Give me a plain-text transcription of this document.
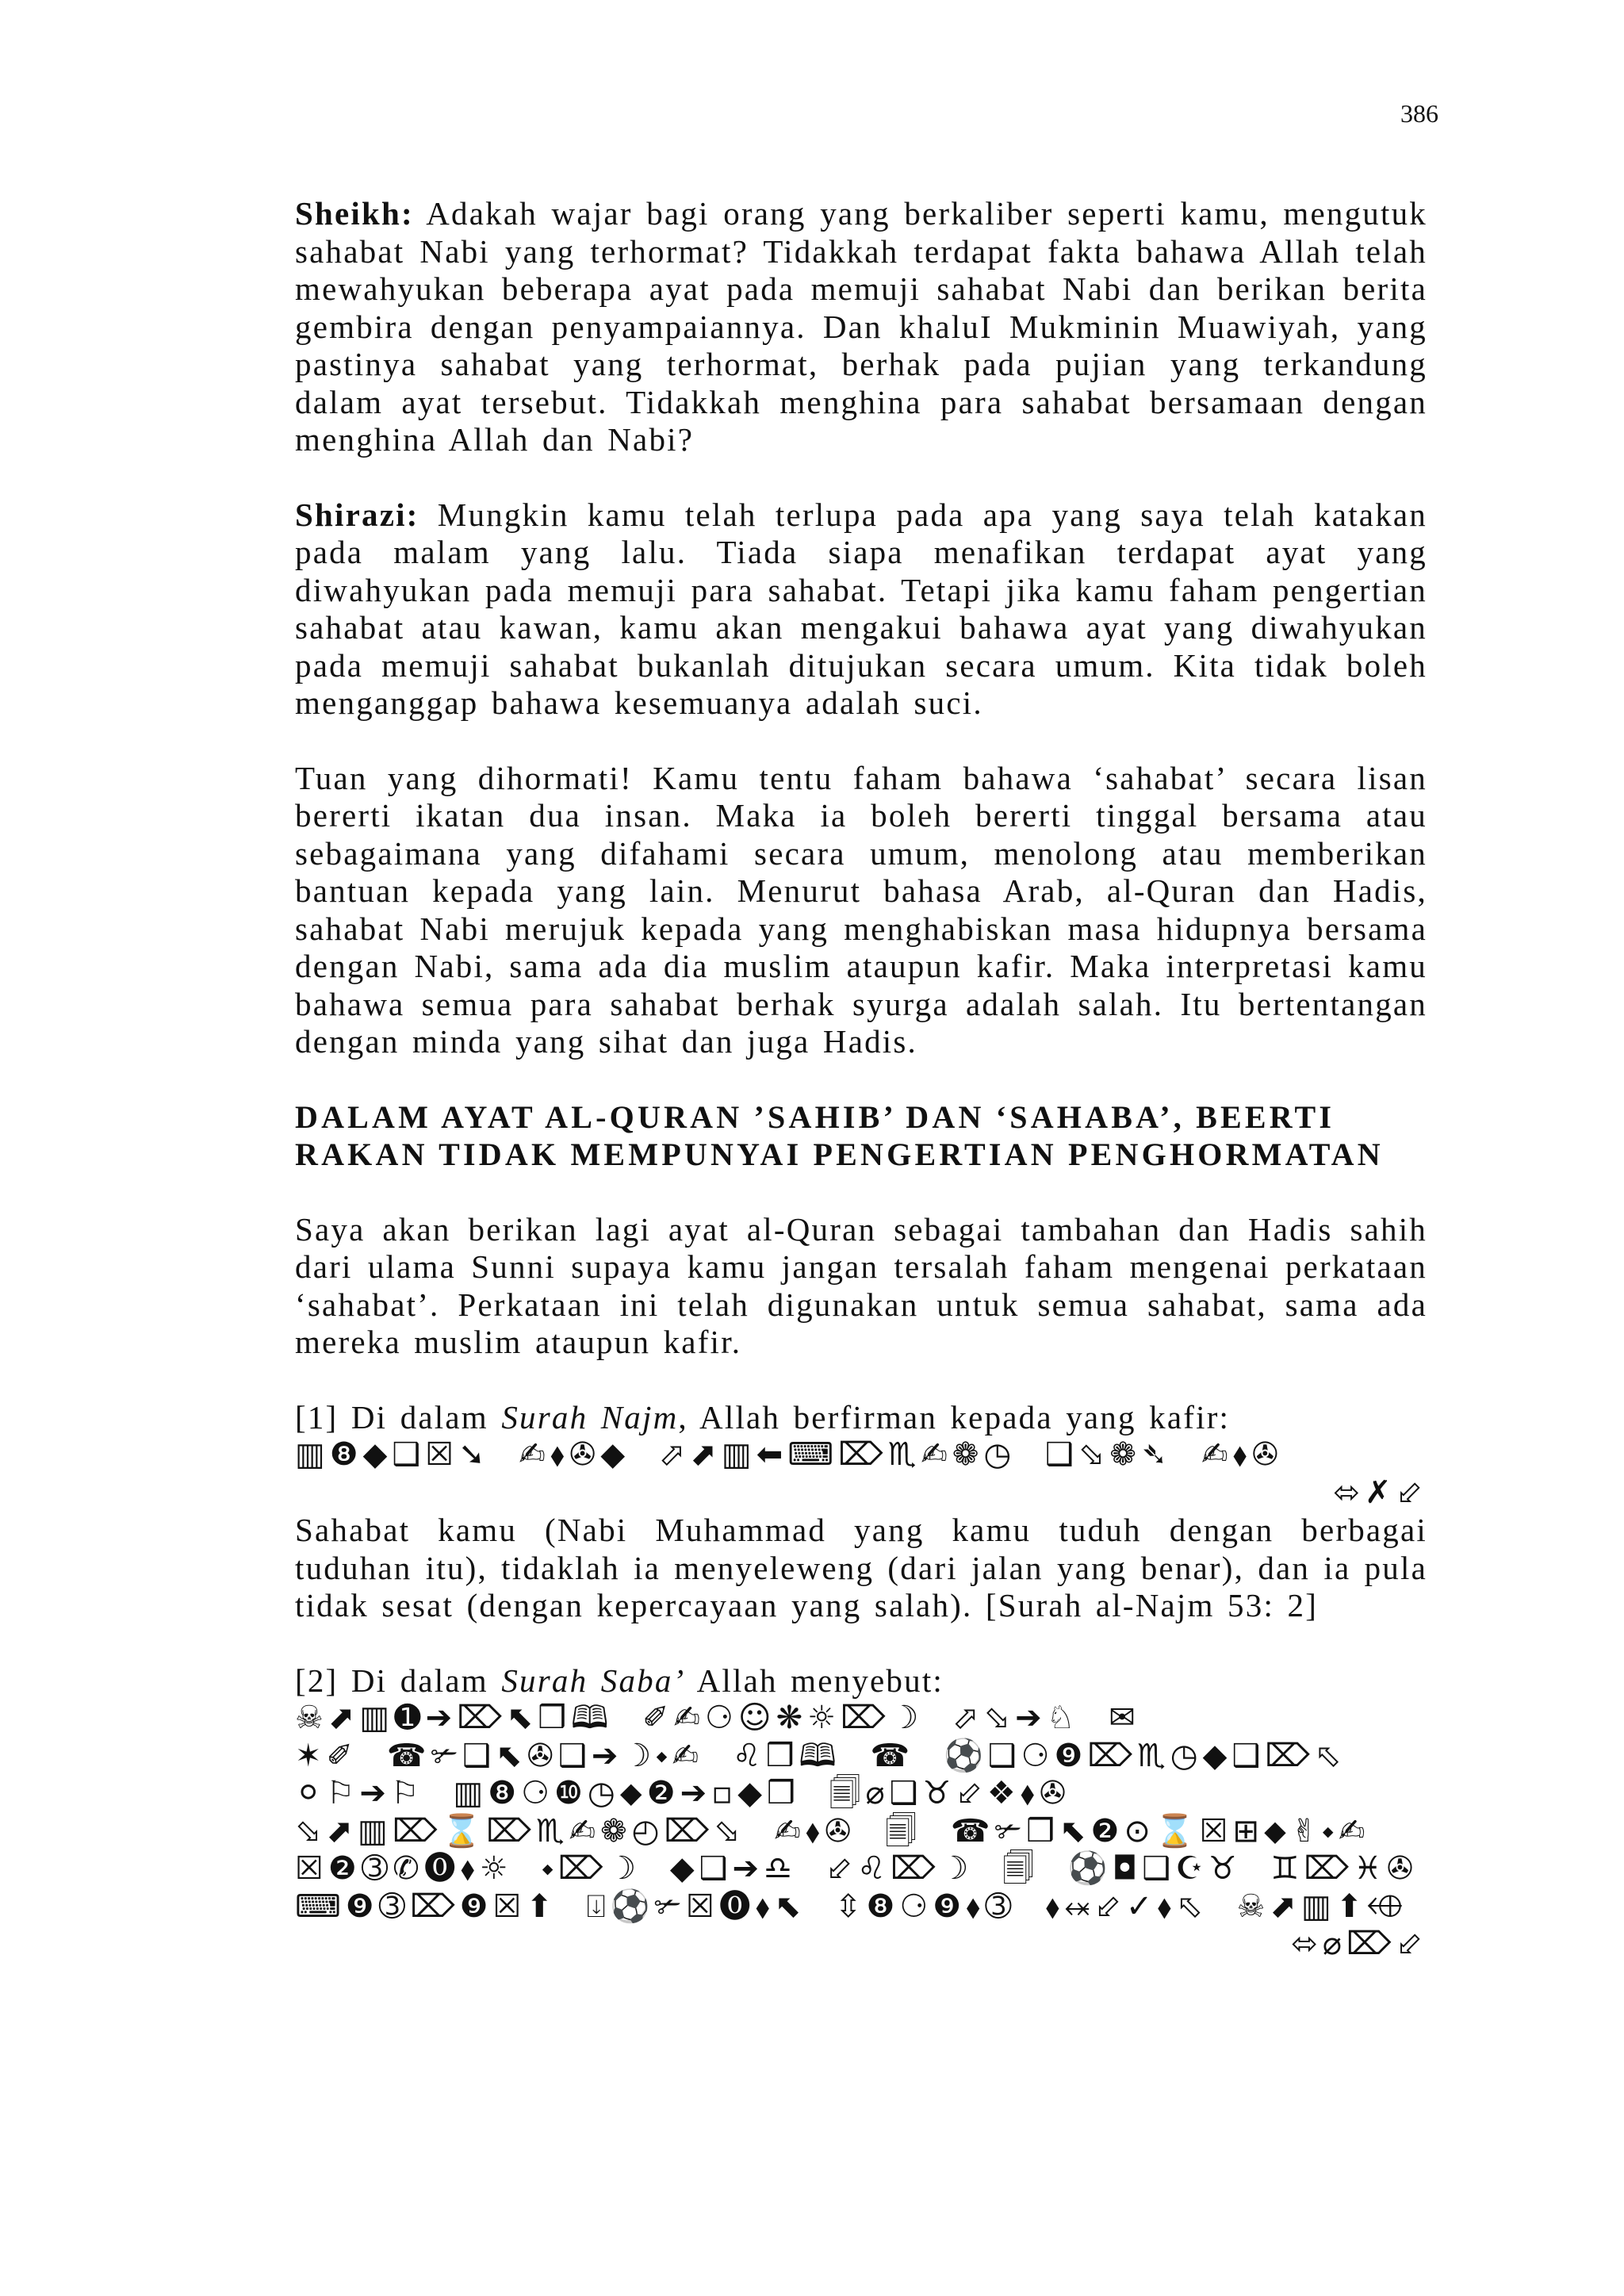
386

Sheikh: Adakah wajar bagi orang yang berkaliber seperti kamu, mengutuk sahabat Nabi yang terhormat? Tidakkah terdapat fakta bahawa Allah telah mewahyukan beberapa ayat pada memuji sahabat Nabi dan berikan berita gembira dengan penyampaiannya. Dan khaluI Mukminin Muawiyah, yang pastinya sahabat yang terhormat, berhak pada pujian yang terkandung dalam ayat tersebut. Tidakkah menghina para sahabat bersamaan dengan menghina Allah dan Nabi?

Shirazi: Mungkin kamu telah terlupa pada apa yang saya telah katakan pada malam yang lalu. Tiada siapa menafikan terdapat ayat yang diwahyukan pada memuji para sahabat. Tetapi jika kamu faham pengertian sahabat atau kawan, kamu akan mengakui bahawa ayat yang diwahyukan pada memuji sahabat bukanlah ditujukan secara umum. Kita tidak boleh menganggap bahawa kesemuanya adalah suci.

Tuan yang dihormati! Kamu tentu faham bahawa ‘sahabat’ secara lisan bererti ikatan dua insan. Maka ia boleh bererti tinggal bersama atau sebagaimana yang difahami secara umum, menolong atau memberikan bantuan kepada yang lain. Menurut bahasa Arab, al-Quran dan Hadis, sahabat Nabi merujuk kepada yang menghabiskan masa hidupnya bersama dengan Nabi, sama ada dia muslim ataupun kafir. Maka interpretasi kamu bahawa semua para sahabat berhak syurga adalah salah. Itu bertentangan dengan minda yang sihat dan juga Hadis.

DALAM AYAT AL-QURAN ’SAHIB’ DAN ‘SAHABA’, BEERTI
RAKAN TIDAK MEMPUNYAI PENGERTIAN PENGHORMATAN

Saya akan berikan lagi ayat al-Quran sebagai tambahan dan Hadis sahih dari ulama Sunni supaya kamu jangan tersalah faham mengenai perkataan ‘sahabat’. Perkataan ini telah digunakan untuk semua sahabat, sama ada mereka muslim ataupun kafir.

[1] Di dalam Surah Najm, Allah berfirman kepada yang kafir:

▥❽◆❑☒➘ ✍⬧✇◆ ⬀⬈▥⬅⌨⌦♏✍❁◷ ❑⬂❁➴ ✍⬧✇
⬄✗⬃

Sahabat kamu (Nabi Muhammad yang kamu tuduh dengan berbagai tuduhan itu), tidaklah ia menyeleweng (dari jalan yang benar), dan ia pula tidak sesat (dengan kepercayaan yang salah). [Surah al-Najm 53: 2]

[2] Di dalam Surah Saba’ Allah menyebut:

☠⬈▥➊➔⌦⬉❒🕮 ✐✍⚆☺❋☼⌦☽ ⬀⬂➔♘ ✉
✶✐ ☎✃❑⬉✇❑➔☽⬩✍ ♌❒🕮 ☎ ⚽❑⚆❾⌦♏◷◆❑⌦⬁
⚪⚐➔⚐ ▥❽⚆❿◷⬥❷➔▫◆❒ 🗐⌀❑♉⬃❖⬧✇
⬂⬈▥⌦⌛⌦♏✍❁◴⌦⬂ ✍⬧✇ 🗐 ☎✃❒⬉❷⊙⌛☒⊞⬥✌⬩✍
☒❷➂✆⓿⬧☼ ⬩⌦☽ ◆❑➔♎ ⬃♌⌦☽ 🗐 ⚽◘❑☪♉ ♊⌦♓✇
⌨❾➂⌦❾☒⬆ ⍗⚽✃☒⓿⬧⬉ ⇳❽⚆❾⬧➂ ⬧⬾⬃✓⬧⬁ ☠⬈▥⬆⬲
⬄⌀⌦⬃
